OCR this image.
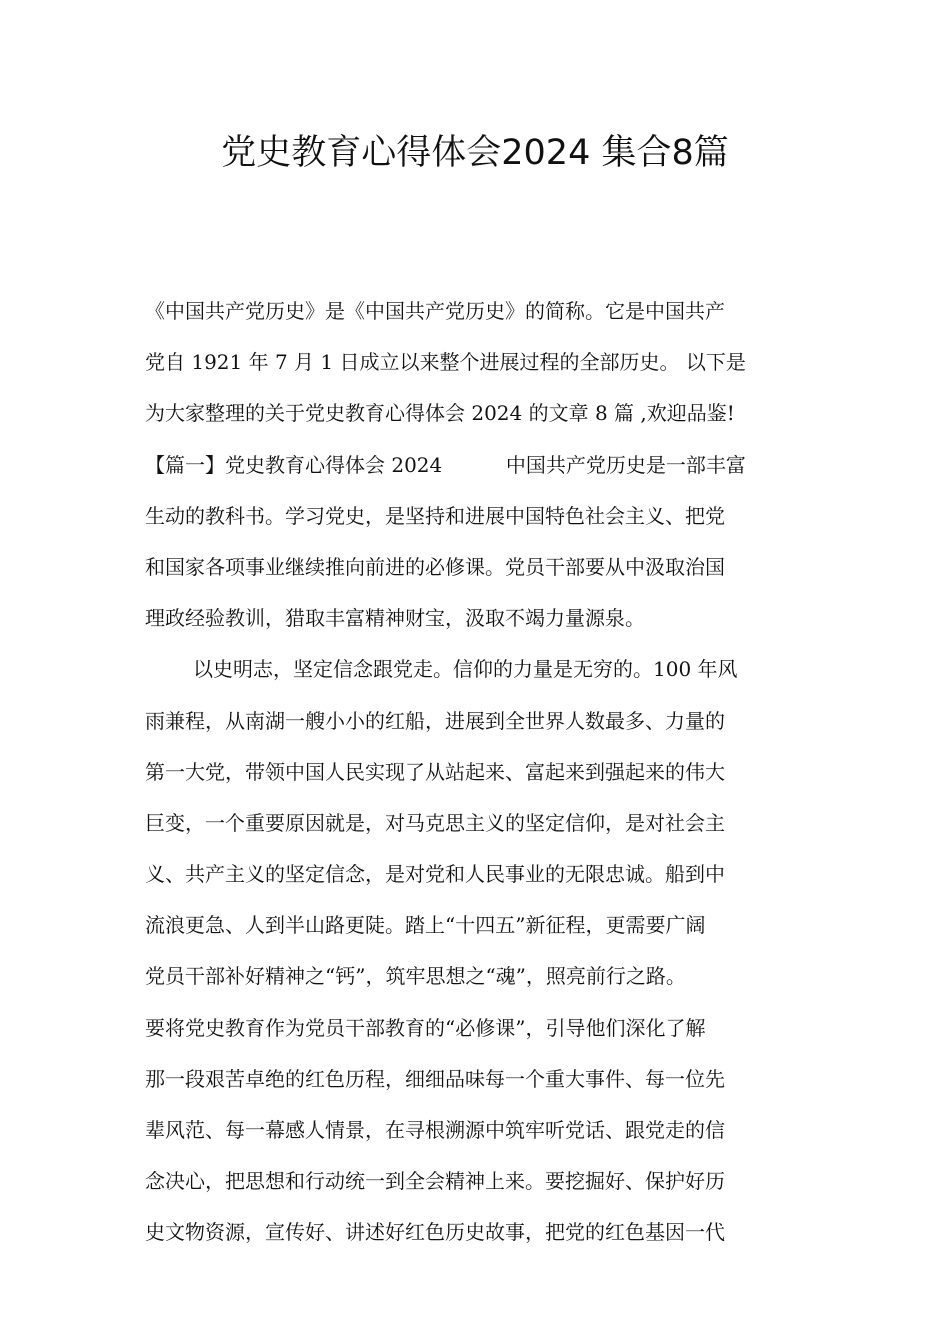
党史教育心得体会2024 集合8篇
《中国共产党历史》是《中国共产党历史》的简称。它是中国共产
党自 1921 年 7 月 1 日成立以来整个进展过程的全部历史。 以下是
为大家整理的关于党史教育心得体会 2024 的文章 8 篇 ,欢迎品鉴!
【篇一】党史教育心得体会 2024          中国共产党历史是一部丰富
生动的教科书。学习党史，是坚持和进展中国特色社会主义、把党
和国家各项事业继续推向前进的必修课。党员干部要从中汲取治国
理政经验教训，猎取丰富精神财宝，汲取不竭力量源泉。
以史明志，坚定信念跟党走。信仰的力量是无穷的。100 年风
雨兼程，从南湖一艘小小的红船，进展到全世界人数最多、力量的
第一大党，带领中国人民实现了从站起来、富起来到强起来的伟大
巨变，一个重要原因就是，对马克思主义的坚定信仰，是对社会主
义、共产主义的坚定信念，是对党和人民事业的无限忠诚。船到中
流浪更急、人到半山路更陡。踏上“十四五”新征程，更需要广阔
党员干部补好精神之“钙”，筑牢思想之“魂”，照亮前行之路。
要将党史教育作为党员干部教育的“必修课”，引导他们深化了解
那一段艰苦卓绝的红色历程，细细品味每一个重大事件、每一位先
辈风范、每一幕感人情景，在寻根溯源中筑牢听党话、跟党走的信
念决心，把思想和行动统一到全会精神上来。要挖掘好、保护好历
史文物资源，宣传好、讲述好红色历史故事，把党的红色基因一代
